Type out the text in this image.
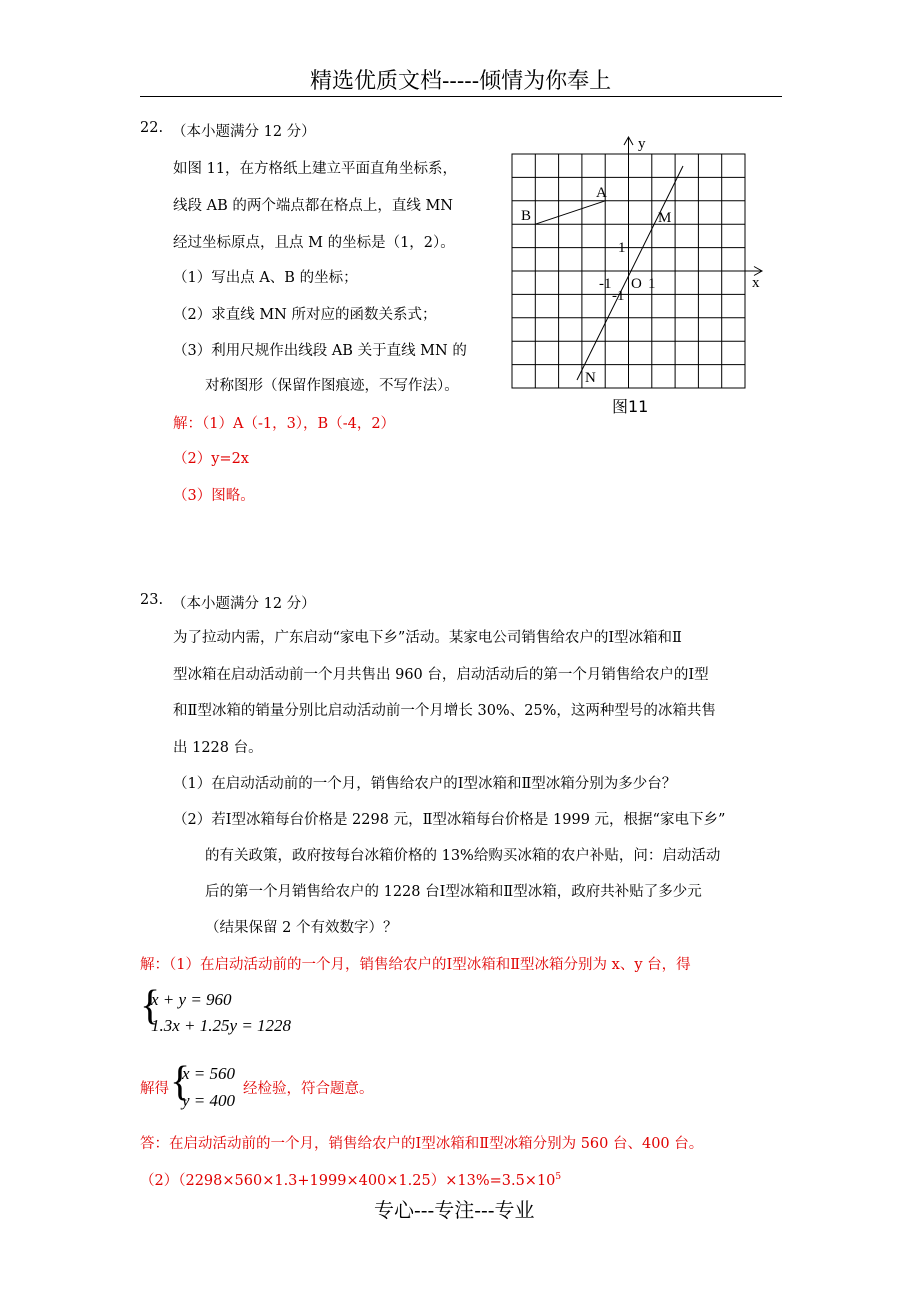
精选优质文档-----倾情为你奉上
22. （本小题满分 12 分）
如图 11，在方格纸上建立平面直角坐标系，
线段 AB 的两个端点都在格点上，直线 MN
经过坐标原点，且点 M 的坐标是（1，2）。
（1）写出点 A、B 的坐标；
（2）求直线 MN 所对应的函数关系式；
（3）利用尺规作出线段 AB 关于直线 MN 的
对称图形（保留作图痕迹，不写作法）。
解：（1）A（-1，3），B（-4，2）
（2）y=2x
（3）图略。
y
x
A
B	M
N
O 1
-1
1
-1
图11
23. （本小题满分 12 分）
为了拉动内需，广东启动“家电下乡”活动。某家电公司销售给农户的Ⅰ型冰箱和Ⅱ
型冰箱在启动活动前一个月共售出 960 台，启动活动后的第一个月销售给农户的Ⅰ型
和Ⅱ型冰箱的销量分别比启动活动前一个月增长 30%、25%，这两种型号的冰箱共售
出 1228 台。
（1）在启动活动前的一个月，销售给农户的Ⅰ型冰箱和Ⅱ型冰箱分别为多少台？
（2）若Ⅰ型冰箱每台价格是 2298 元，Ⅱ型冰箱每台价格是 1999 元，根据“家电下乡”
的有关政策，政府按每台冰箱价格的 13%给购买冰箱的农户补贴，问：启动活动
后的第一个月销售给农户的 1228 台Ⅰ型冰箱和Ⅱ型冰箱，政府共补贴了多少元
（结果保留 2 个有效数字）？
解：（1）在启动活动前的一个月，销售给农户的Ⅰ型冰箱和Ⅱ型冰箱分别为 x、y 台，得
{
x + y = 960
1.3x + 1.25y = 1228
解得 {
x = 560
y = 400
经检验，符合题意。
答：在启动活动前的一个月，销售给农户的Ⅰ型冰箱和Ⅱ型冰箱分别为 560 台、400 台。
$(2)(2298\times 560\times 1.3+1999\times 400\times 1.25)\times 13\%=3.5\times 10^5$
专心---专注---专业
